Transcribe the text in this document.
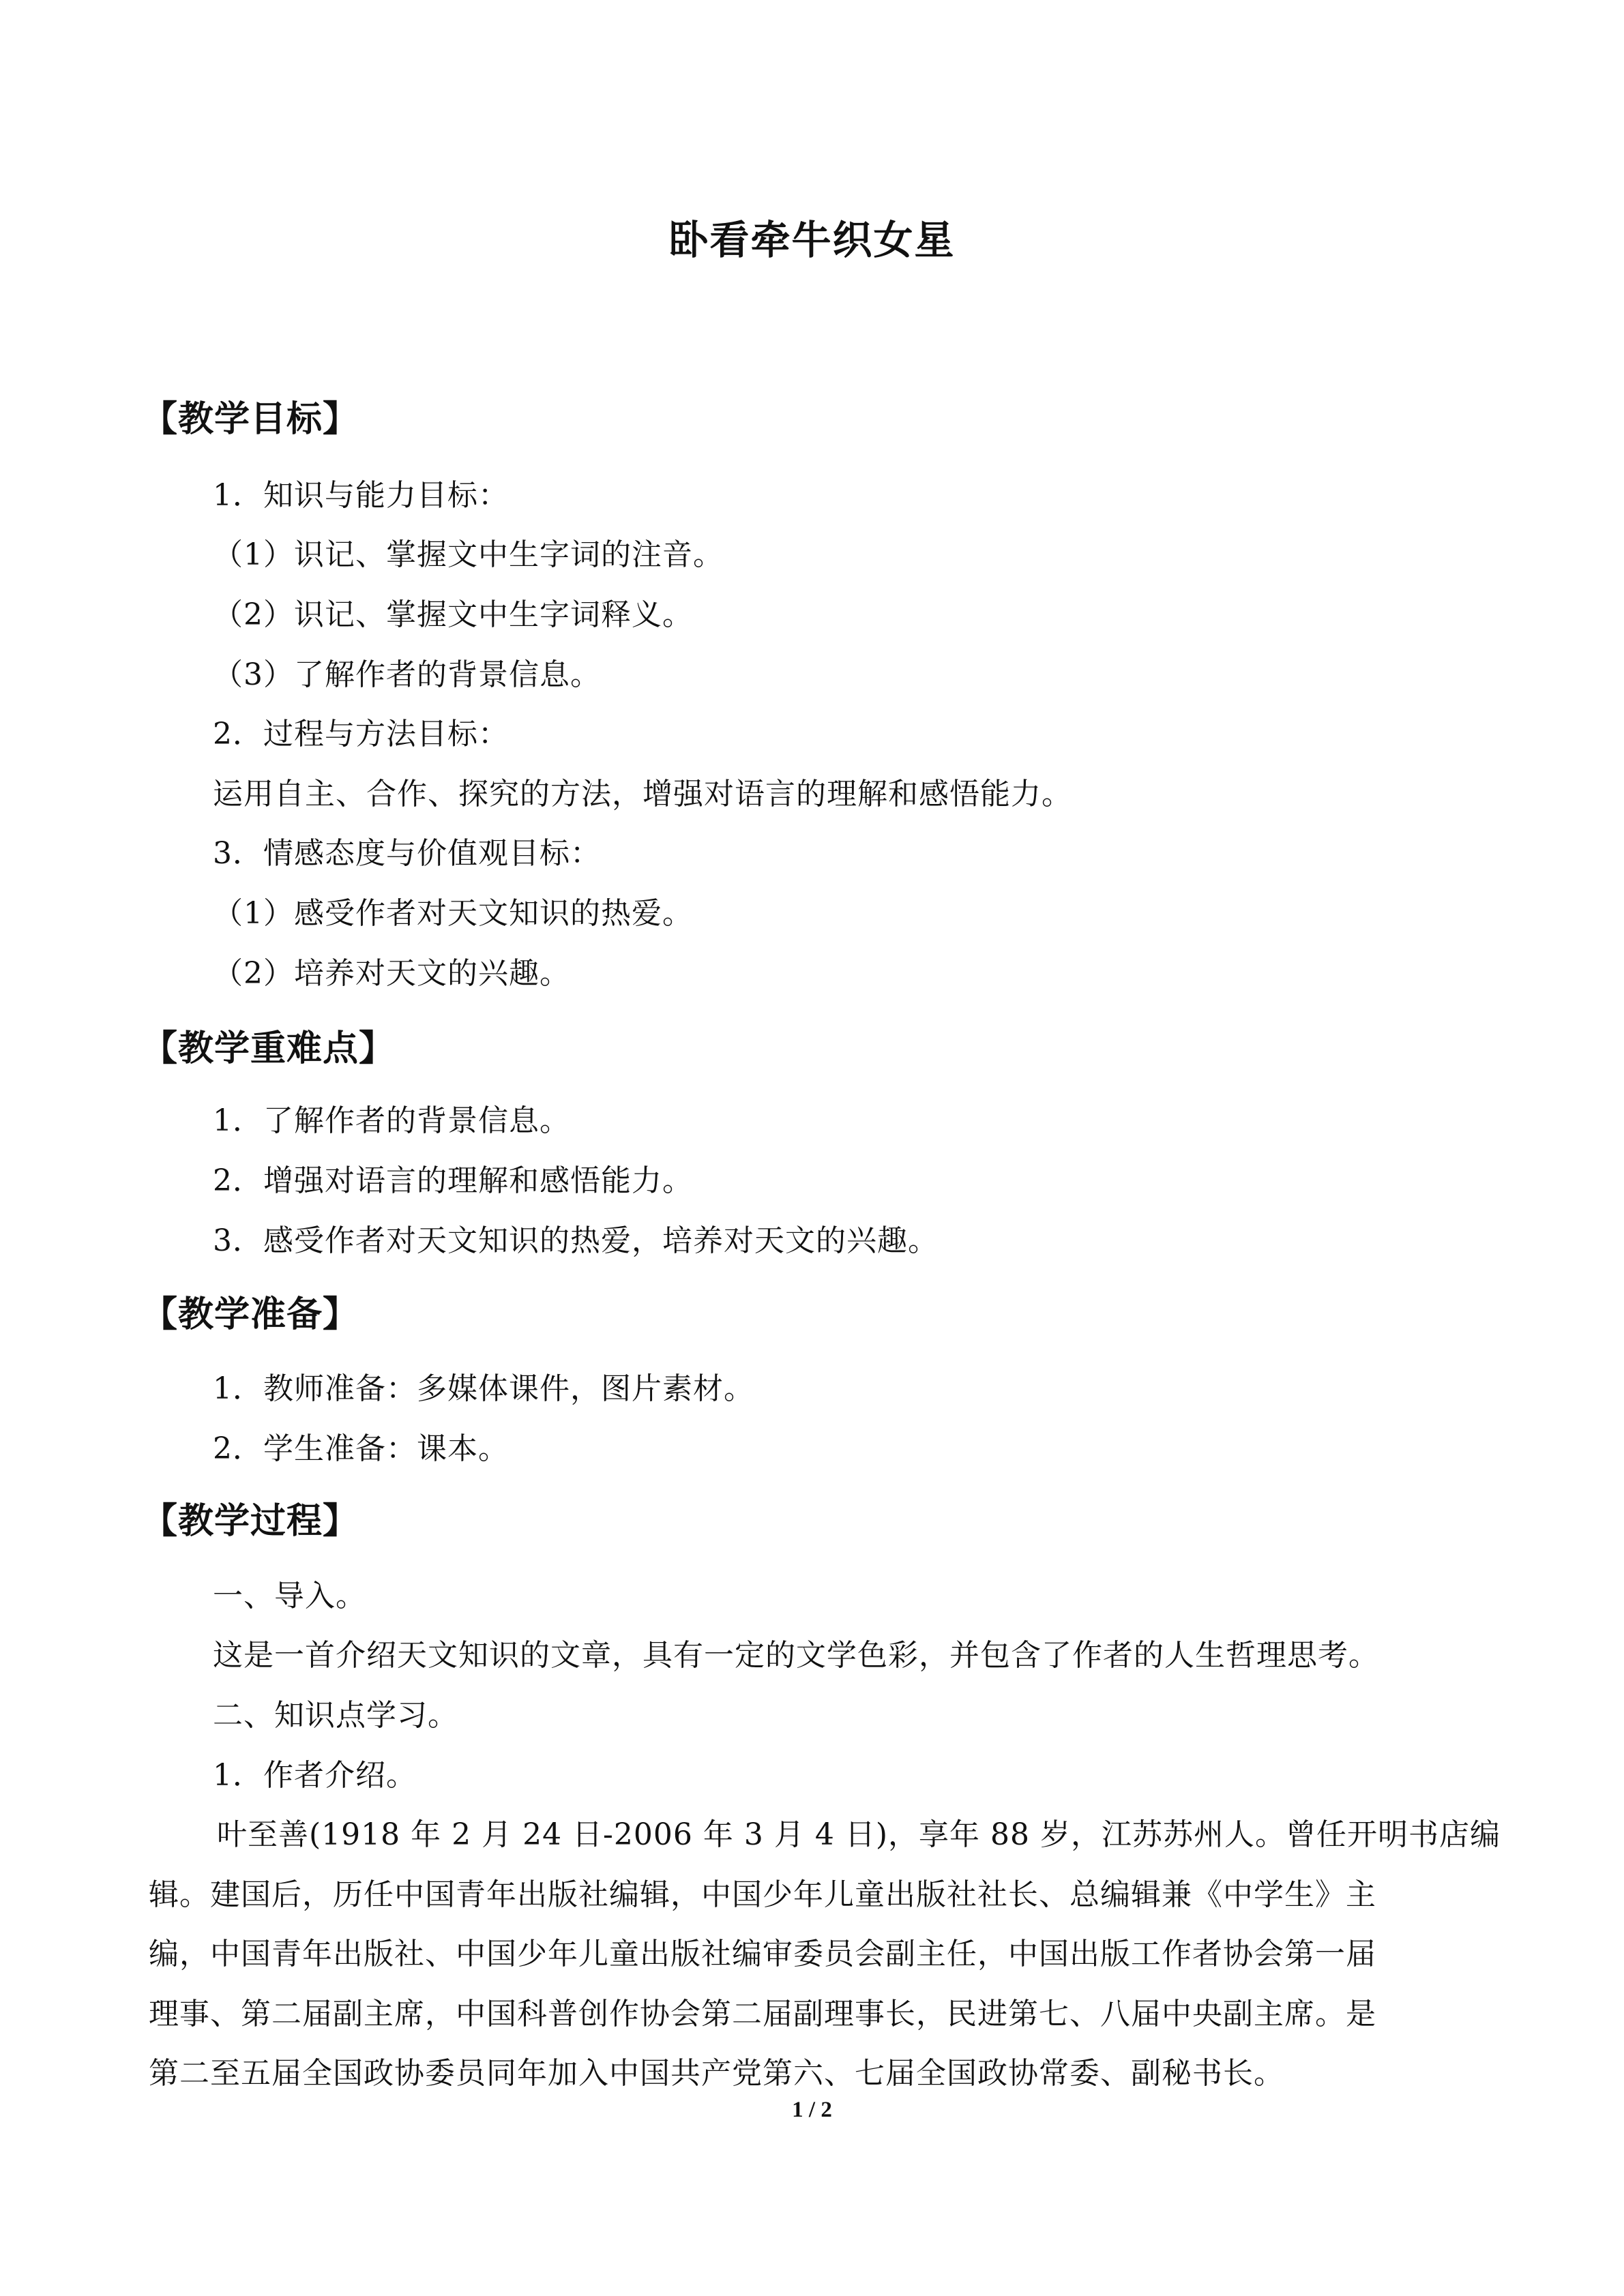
卧看牵牛织女星
【教学目标】
1．知识与能力目标：
（1）识记、掌握文中生字词的注音。
（2）识记、掌握文中生字词释义。
（3）了解作者的背景信息。
2．过程与方法目标：
运用自主、合作、探究的方法，增强对语言的理解和感悟能力。
3．情感态度与价值观目标：
（1）感受作者对天文知识的热爱。
（2）培养对天文的兴趣。
【教学重难点】
1．了解作者的背景信息。
2．增强对语言的理解和感悟能力。
3．感受作者对天文知识的热爱，培养对天文的兴趣。
【教学准备】
1．教师准备：多媒体课件，图片素材。
2．学生准备：课本。
【教学过程】
一、导入。
这是一首介绍天文知识的文章，具有一定的文学色彩，并包含了作者的人生哲理思考。
二、知识点学习。
1．作者介绍。
叶至善(1918 年 2 月 24 日-2006 年 3 月 4 日)，享年 88 岁，江苏苏州人。曾任开明书店编
辑。建国后，历任中国青年出版社编辑，中国少年儿童出版社社长、总编辑兼《中学生》主
编，中国青年出版社、中国少年儿童出版社编审委员会副主任，中国出版工作者协会第一届
理事、第二届副主席，中国科普创作协会第二届副理事长，民进第七、八届中央副主席。是
第二至五届全国政协委员同年加入中国共产党第六、七届全国政协常委、副秘书长。
1 / 2
